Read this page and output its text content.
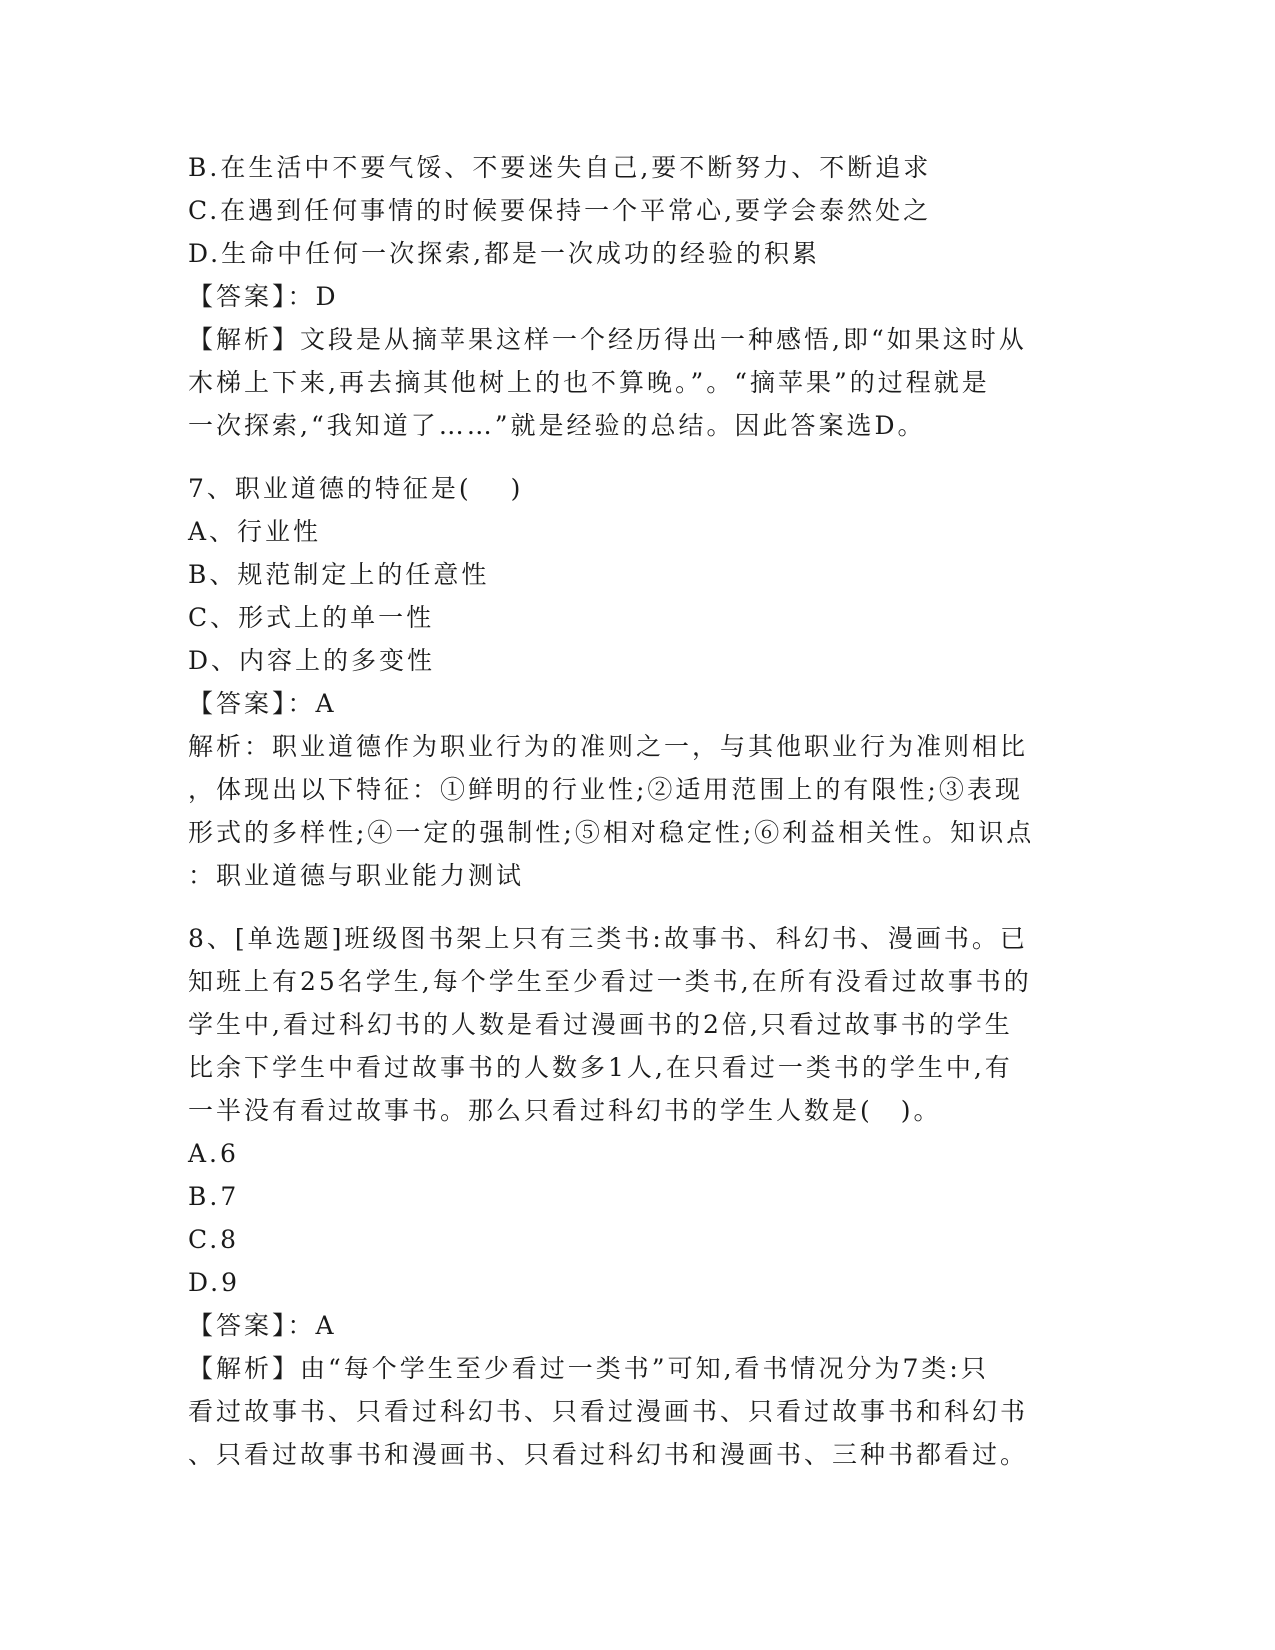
B.在生活中不要气馁、不要迷失自己,要不断努力、不断追求
C.在遇到任何事情的时候要保持一个平常心,要学会泰然处之
D.生命中任何一次探索,都是一次成功的经验的积累
【答案】：D
【解析】文段是从摘苹果这样一个经历得出一种感悟,即“如果这时从
木梯上下来,再去摘其他树上的也不算晚。”。“摘苹果”的过程就是
一次探索,“我知道了……”就是经验的总结。因此答案选D。
7、职业道德的特征是(　 )
A、行业性
B、规范制定上的任意性
C、形式上的单一性
D、内容上的多变性
【答案】：A
解析：职业道德作为职业行为的准则之一，与其他职业行为准则相比
，体现出以下特征：①鲜明的行业性;②适用范围上的有限性;③表现
形式的多样性;④一定的强制性;⑤相对稳定性;⑥利益相关性。知识点
：职业道德与职业能力测试
8、[单选题]班级图书架上只有三类书:故事书、科幻书、漫画书。已
知班上有25名学生,每个学生至少看过一类书,在所有没看过故事书的
学生中,看过科幻书的人数是看过漫画书的2倍,只看过故事书的学生
比余下学生中看过故事书的人数多1人,在只看过一类书的学生中,有
一半没有看过故事书。那么只看过科幻书的学生人数是(　)。
A.6
B.7
C.8
D.9
【答案】：A
【解析】由“每个学生至少看过一类书”可知,看书情况分为7类:只
看过故事书、只看过科幻书、只看过漫画书、只看过故事书和科幻书
、只看过故事书和漫画书、只看过科幻书和漫画书、三种书都看过。
